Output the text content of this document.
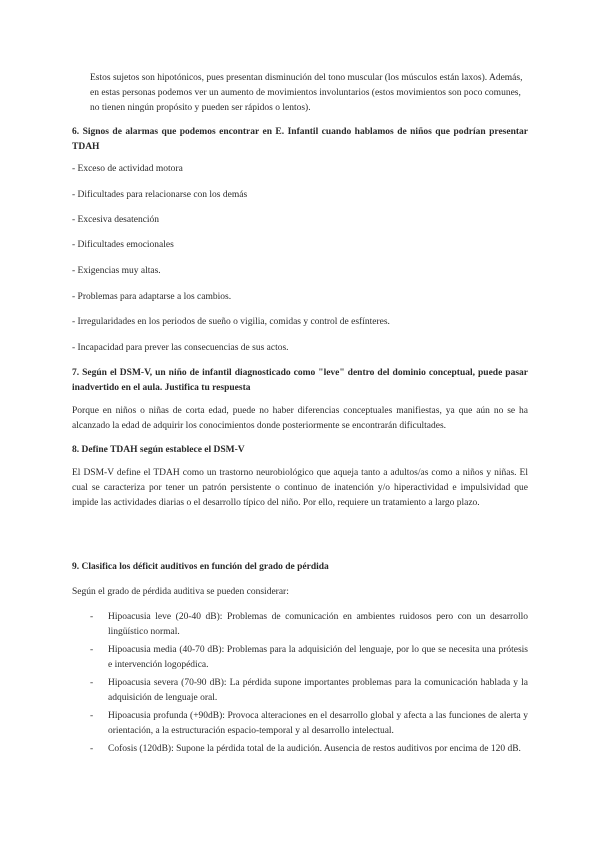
Estos sujetos son hipotónicos, pues presentan disminución del tono muscular (los músculos están laxos). Además, en estas personas podemos ver un aumento de movimientos involuntarios (estos movimientos son poco comunes, no tienen ningún propósito y pueden ser rápidos o lentos).
6. Signos de alarmas que podemos encontrar en E. Infantil cuando hablamos de niños que podrían presentar TDAH
- Exceso de actividad motora
- Dificultades para relacionarse con los demás
- Excesiva desatención
- Dificultades emocionales
- Exigencias muy altas.
- Problemas para adaptarse a los cambios.
- Irregularidades en los periodos de sueño o vigilia, comidas y control de esfínteres.
- Incapacidad para prever las consecuencias de sus actos.
7. Según el DSM-V, un niño de infantil diagnosticado como "leve" dentro del dominio conceptual, puede pasar inadvertido en el aula. Justifica tu respuesta
Porque en niños o niñas de corta edad, puede no haber diferencias conceptuales manifiestas, ya que aún no se ha alcanzado la edad de adquirir los conocimientos donde posteriormente se encontrarán dificultades.
8. Define TDAH según establece el DSM-V
El DSM-V define el TDAH como un trastorno neurobiológico que aqueja tanto a adultos/as como a niños y niñas. El cual se caracteriza por tener un patrón persistente o continuo de inatención y/o hiperactividad e impulsividad que impide las actividades diarias o el desarrollo típico del niño. Por ello, requiere un tratamiento a largo plazo.
9. Clasifica los déficit auditivos en función del grado de pérdida
Según el grado de pérdida auditiva se pueden considerar:
- Hipoacusia leve (20-40 dB): Problemas de comunicación en ambientes ruidosos pero con un desarrollo lingüístico normal.
- Hipoacusia media (40-70 dB): Problemas para la adquisición del lenguaje, por lo que se necesita una prótesis e intervención logopédica.
- Hipoacusia severa (70-90 dB): La pérdida supone importantes problemas para la comunicación hablada y la adquisición de lenguaje oral.
- Hipoacusia profunda (+90dB): Provoca alteraciones en el desarrollo global y afecta a las funciones de alerta y orientación, a la estructuración espacio-temporal y al desarrollo intelectual.
- Cofosis (120dB): Supone la pérdida total de la audición. Ausencia de restos auditivos por encima de 120 dB.
